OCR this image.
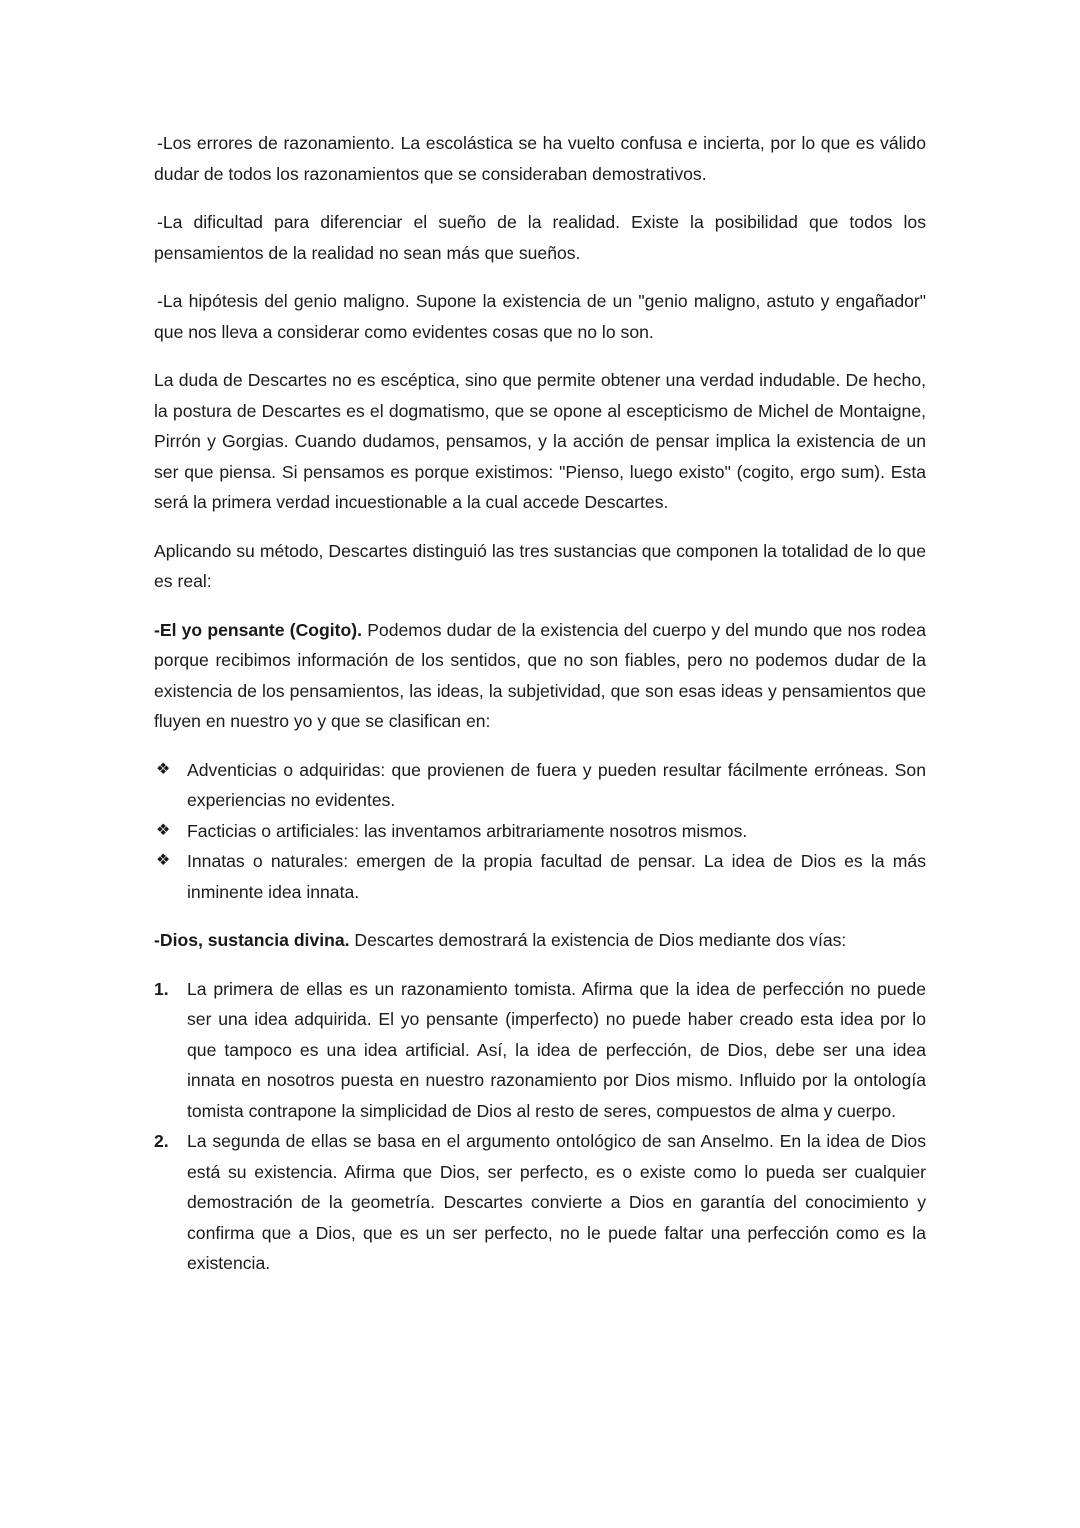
-Los errores de razonamiento. La escolástica se ha vuelto confusa e incierta, por lo que es válido dudar de todos los razonamientos que se consideraban demostrativos.

-La dificultad para diferenciar el sueño de la realidad. Existe la posibilidad que todos los pensamientos de la realidad no sean más que sueños.

-La hipótesis del genio maligno. Supone la existencia de un "genio maligno, astuto y engañador" que nos lleva a considerar como evidentes cosas que no lo son.

La duda de Descartes no es escéptica, sino que permite obtener una verdad indudable. De hecho, la postura de Descartes es el dogmatismo, que se opone al escepticismo de Michel de Montaigne, Pirrón y Gorgias. Cuando dudamos, pensamos, y la acción de pensar implica la existencia de un ser que piensa. Si pensamos es porque existimos: "Pienso, luego existo" (cogito, ergo sum). Esta será la primera verdad incuestionable a la cual accede Descartes.

Aplicando su método, Descartes distinguió las tres sustancias que componen la totalidad de lo que es real:

-El yo pensante (Cogito). Podemos dudar de la existencia del cuerpo y del mundo que nos rodea porque recibimos información de los sentidos, que no son fiables, pero no podemos dudar de la existencia de los pensamientos, las ideas, la subjetividad, que son esas ideas y pensamientos que fluyen en nuestro yo y que se clasifican en:

❖ Adventicias o adquiridas: que provienen de fuera y pueden resultar fácilmente erróneas. Son experiencias no evidentes.
❖ Facticias o artificiales: las inventamos arbitrariamente nosotros mismos.
❖ Innatas o naturales: emergen de la propia facultad de pensar. La idea de Dios es la más inminente idea innata.

-Dios, sustancia divina. Descartes demostrará la existencia de Dios mediante dos vías:

1. La primera de ellas es un razonamiento tomista. Afirma que la idea de perfección no puede ser una idea adquirida. El yo pensante (imperfecto) no puede haber creado esta idea por lo que tampoco es una idea artificial. Así, la idea de perfección, de Dios, debe ser una idea innata en nosotros puesta en nuestro razonamiento por Dios mismo. Influido por la ontología tomista contrapone la simplicidad de Dios al resto de seres, compuestos de alma y cuerpo.
2. La segunda de ellas se basa en el argumento ontológico de san Anselmo. En la idea de Dios está su existencia. Afirma que Dios, ser perfecto, es o existe como lo pueda ser cualquier demostración de la geometría. Descartes convierte a Dios en garantía del conocimiento y confirma que a Dios, que es un ser perfecto, no le puede faltar una perfección como es la existencia.
